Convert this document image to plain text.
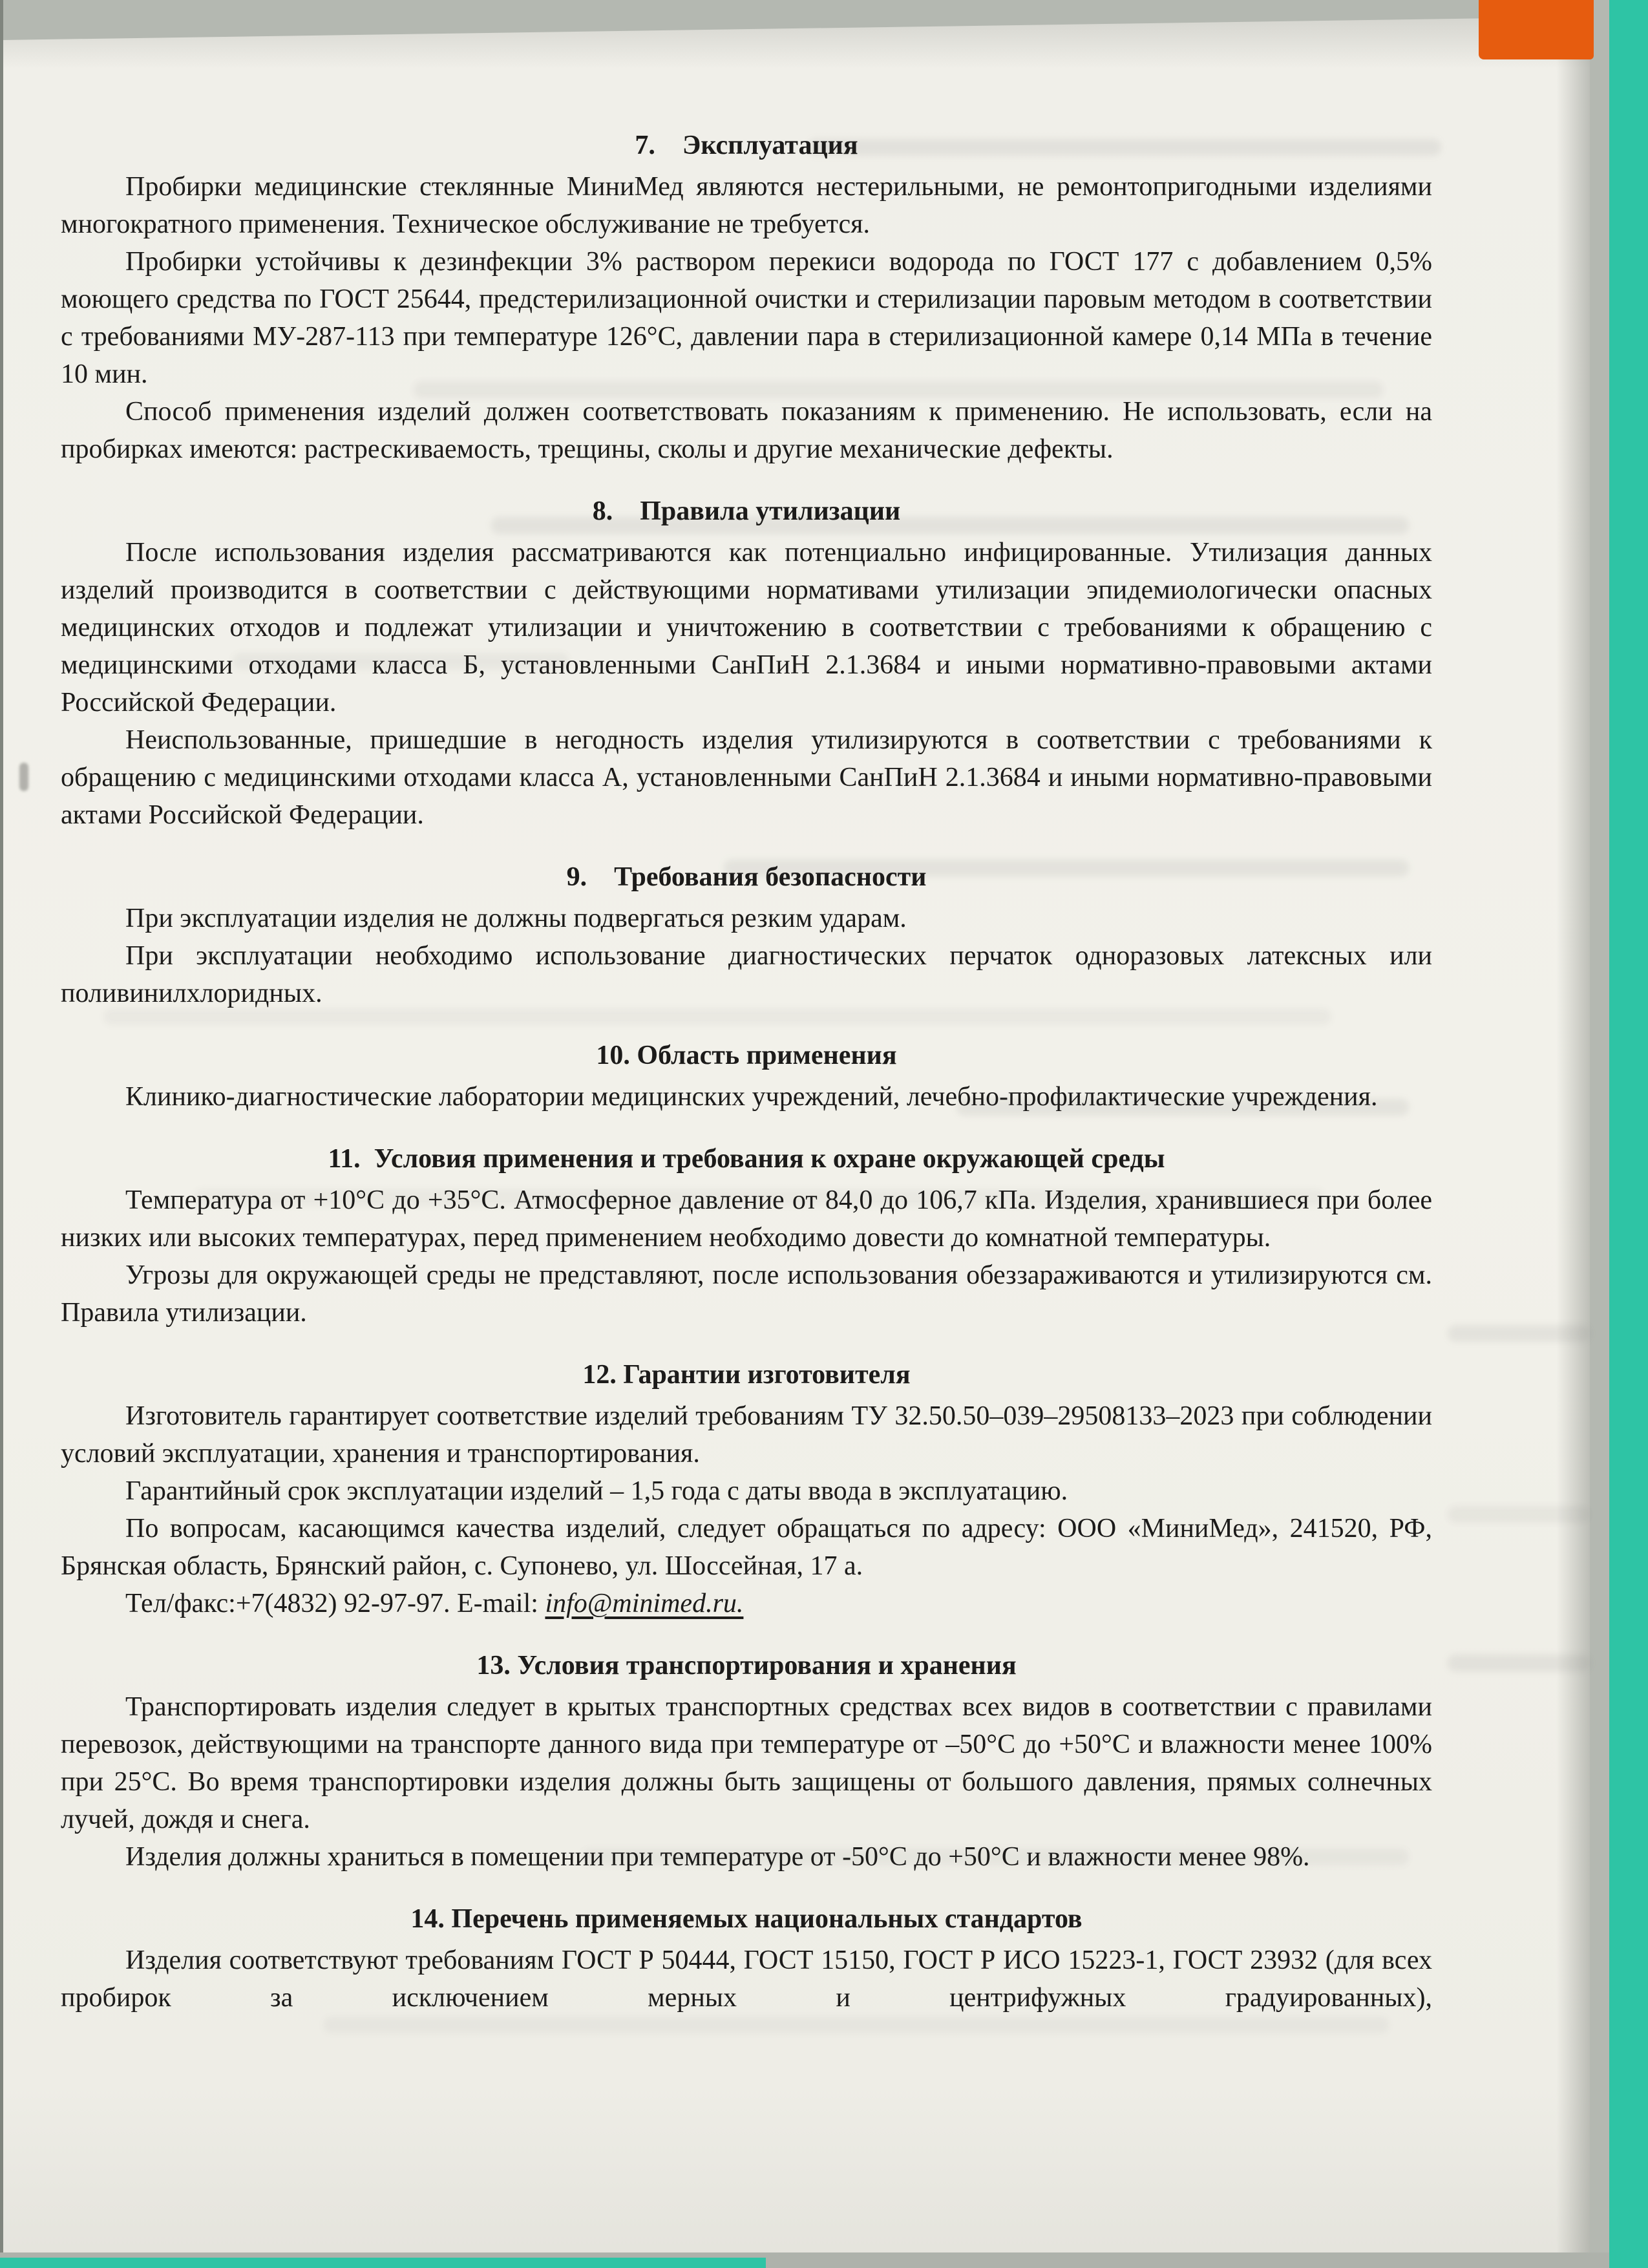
7. Эксплуатация

Пробирки медицинские стеклянные МиниМед являются нестерильными, не ремонтопригодными изделиями многократного применения. Техническое обслуживание не требуется.

Пробирки устойчивы к дезинфекции 3% раствором перекиси водорода по ГОСТ 177 с добавлением 0,5% моющего средства по ГОСТ 25644, предстерилизационной очистки и стерилизации паровым методом в соответствии с требованиями МУ-287-113 при температуре 126°С, давлении пара в стерилизационной камере 0,14 МПа в течение 10 мин.

Способ применения изделий должен соответствовать показаниям к применению. Не использовать, если на пробирках имеются: растрескиваемость, трещины, сколы и другие механические дефекты.

8. Правила утилизации

После использования изделия рассматриваются как потенциально инфицированные. Утилизация данных изделий производится в соответствии с действующими нормативами утилизации эпидемиологически опасных медицинских отходов и подлежат утилизации и уничтожению в соответствии с требованиями к обращению с медицинскими отходами класса Б, установленными СанПиН 2.1.3684 и иными нормативно-правовыми актами Российской Федерации.

Неиспользованные, пришедшие в негодность изделия утилизируются в соответствии с требованиями к обращению с медицинскими отходами класса А, установленными СанПиН 2.1.3684 и иными нормативно-правовыми актами Российской Федерации.

9. Требования безопасности

При эксплуатации изделия не должны подвергаться резким ударам.

При эксплуатации необходимо использование диагностических перчаток одноразовых латексных или поливинилхлоридных.

10. Область применения

Клинико-диагностические лаборатории медицинских учреждений, лечебно-профилактические учреждения.

11. Условия применения и требования к охране окружающей среды

Температура от +10°С до +35°С. Атмосферное давление от 84,0 до 106,7 кПа. Изделия, хранившиеся при более низких или высоких температурах, перед применением необходимо довести до комнатной температуры.

Угрозы для окружающей среды не представляют, после использования обеззараживаются и утилизируются см. Правила утилизации.

12. Гарантии изготовителя

Изготовитель гарантирует соответствие изделий требованиям ТУ 32.50.50–039–29508133–2023 при соблюдении условий эксплуатации, хранения и транспортирования.

Гарантийный срок эксплуатации изделий – 1,5 года с даты ввода в эксплуатацию.

По вопросам, касающимся качества изделий, следует обращаться по адресу: ООО «МиниМед», 241520, РФ, Брянская область, Брянский район, с. Супонево, ул. Шоссейная, 17 а.

Тел/факс:+7(4832) 92-97-97. E-mail: info@minimed.ru.

13. Условия транспортирования и хранения

Транспортировать изделия следует в крытых транспортных средствах всех видов в соответствии с правилами перевозок, действующими на транспорте данного вида при температуре от –50°С до +50°С и влажности менее 100% при 25°С. Во время транспортировки изделия должны быть защищены от большого давления, прямых солнечных лучей, дождя и снега.

Изделия должны храниться в помещении при температуре от -50°С до +50°С и влажности менее 98%.

14. Перечень применяемых национальных стандартов

Изделия соответствуют требованиям ГОСТ Р 50444, ГОСТ 15150, ГОСТ Р ИСО 15223-1, ГОСТ 23932 (для всех пробирок за исключением мерных и центрифужных градуированных),
